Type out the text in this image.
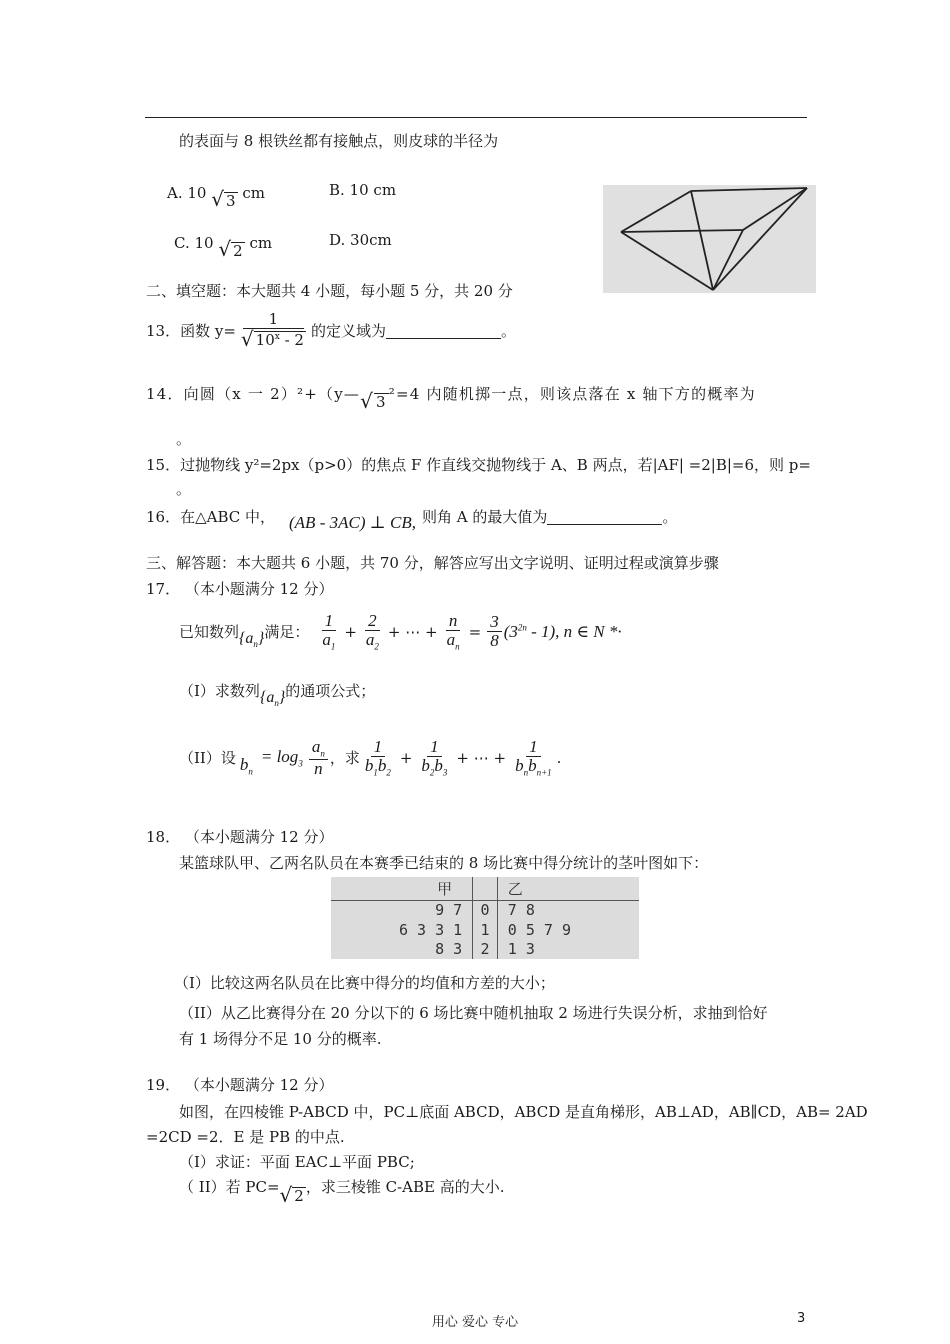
的表面与 8 根铁丝都有接触点，则皮球的半径为
A. 10 √ 3 cm	B. 10 cm
C. 10 √ 2 cm	D. 30cm
二、填空题：本大题共 4 小题，每小题 5 分，共 20 分
13．函数 $y= \frac{1}{√ 10^x - 2}$ 的定义域为	。
14．向圆（x 一 2）²+（y— √ 3 ²=4 内随机掷一点，则该点落在 x 轴下方的概率为
。
15．过抛物线 y²=2px（p>0）的焦点 F 作直线交抛物线于 A、B 两点，若|AF| =2|B|=6，则 p=
。
16．在△ABC 中， (AB - 3AC) ⊥ CB, 则角 A 的最大值为	。
三、解答题：本大题共 6 小题，共 70 分，解答应写出文字说明、证明过程或演算步骤
17． （本小题满分 12 分）
已知数列 $\{a_n\}$ 满足： $\frac{1}{a_1} + \frac{2}{a_2}$ + ⋯ + $\frac{n}{a_n} = \frac{3}{8} (3^{2n} - 1)$, n ∈ N *·
（I）求数列 $\{a_n\}$ 的通项公式；
（II）设 $b_n$
= $\log_3 \frac{a_n}{n}$ ，求 $\frac{1}{b_1b_2} + \frac{1}{b_2b_3}$ + ⋯ + $\frac{1}{b_nb_{n+1}}$ .
18． （本小题满分 12 分）
某篮球队甲、乙两名队员在本赛季已结束的 8 场比赛中得分统计的茎叶图如下：
甲		乙
9 7	0	7 8
6 3 3 1	1	0 5 7 9
8 3	2	1 3
（I）比较这两名队员在比赛中得分的均值和方差的大小；
（II）从乙比赛得分在 20 分以下的 6 场比赛中随机抽取 2 场进行失误分析，求抽到恰好
有 1 场得分不足 10 分的概率.
19． （本小题满分 12 分）
如图，在四棱锥 P-ABCD 中，PC⊥底面 ABCD，ABCD 是直角梯形，AB⊥AD，AB∥CD，AB= 2AD
=2CD =2．E 是 PB 的中点.
（I）求证：平面 EAC⊥平面 PBC;
（ II）若 PC= √ 2 ，求三棱锥 C-ABE 高的大小.
用心 爱心 专心	3
